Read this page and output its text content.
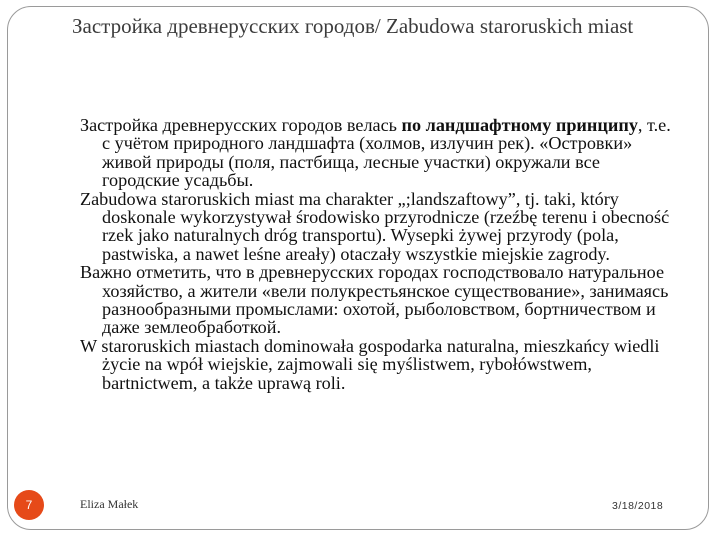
Застройка древнерусских городов/ Zabudowa staroruskich miast

Застройка древнерусских городов велась по ландшафтному принципу, т.е. с учётом природного ландшафта (холмов, излучин рек). «Островки» живой природы (поля, пастбища, лесные участки) окружали все городские усадьбы.

Zabudowa staroruskich miast ma charakter „;landszaftowy”, tj. taki, który doskonale wykorzystywał środowisko przyrodnicze (rzeźbę terenu i obecność rzek jako naturalnych dróg transportu). Wysepki żywej przyrody (pola, pastwiska, a nawet leśne areały) otaczały wszystkie miejskie zagrody.

Важно отметить, что в древнерусских городах господствовало натуральное хозяйство, а жители «вели полукрестьянское существование», занимаясь разнообразными промыслами: охотой, рыболовством, бортничеством и даже землеобработкой.

W staroruskich miastach dominowała gospodarka naturalna, mieszkańcy wiedli życie na wpół wiejskie, zajmowali się myślistwem, rybołówstwem, bartnictwem, a także uprawą roli.

7	Eliza Małek	3/18/2018
